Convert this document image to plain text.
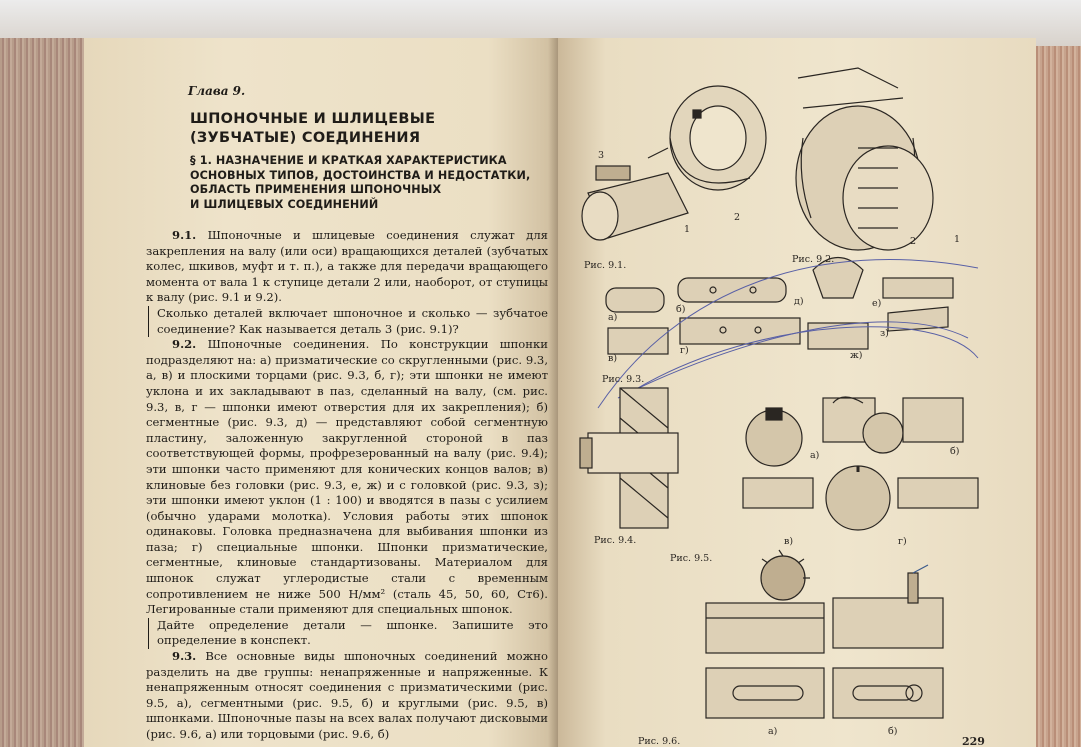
Глава 9.

ШПОНОЧНЫЕ И ШЛИЦЕВЫЕ
(ЗУБЧАТЫЕ) СОЕДИНЕНИЯ
§ 1. НАЗНАЧЕНИЕ И КРАТКАЯ ХАРАКТЕРИСТИКА
ОСНОВНЫХ ТИПОВ, ДОСТОИНСТВА И НЕДОСТАТКИ,
ОБЛАСТЬ ПРИМЕНЕНИЯ ШПОНОЧНЫХ
И ШЛИЦЕВЫХ СОЕДИНЕНИЙ

9.1. Шпоночные и шлицевые соединения служат для закрепления на валу (или оси) вращающихся деталей (зубчатых колес, шкивов, муфт и т. п.), а также для передачи вращающего момента от вала 1 к ступице детали 2 или, наоборот, от ступицы к валу (рис. 9.1 и 9.2).

Сколько деталей включает шпоночное и сколько — зубчатое соединение? Как называется деталь 3 (рис. 9.1)?

9.2. Шпоночные соединения. По конструкции шпонки подразделяют на: а) призматические со скругленными (рис. 9.3, а, в) и плоскими торцами (рис. 9.3, б, г); эти шпонки не имеют уклона и их закладывают в паз, сделанный на валу, (см. рис. 9.3, в, г — шпонки имеют отверстия для их закрепления); б) сегментные (рис. 9.3, д) — представляют собой сегментную пластину, заложенную закругленной стороной в паз соответствующей формы, профрезерованный на валу (рис. 9.4); эти шпонки часто применяют для конических концов валов; в) клиновые без головки (рис. 9.3, е, ж) и с головкой (рис. 9.3, з); эти шпонки имеют уклон (1 : 100) и вводятся в пазы с усилием (обычно ударами молотка). Условия работы этих шпонок одинаковы. Головка предназначена для выбивания шпонки из паза; г) специальные шпонки. Шпонки призматические, сегментные, клиновые стандартизованы. Материалом для шпонок служат углеродистые стали с временным сопротивлением не ниже 500 Н/мм² (сталь 45, 50, 60, Ст6). Легированные стали применяют для специальных шпонок.

Дайте определение детали — шпонке. Запишите это определение в конспект.

9.3. Все основные виды шпоночных соединений можно разделить на две группы: ненапряженные и напряженные. К ненапряженным относят соединения с призматическими (рис. 9.5, а), сегментными (рис. 9.5, б) и круглыми (рис. 9.5, в) шпонками. Шпоночные пазы на всех валах получают дисковыми (рис. 9.6, а) или торцовыми (рис. 9.6, б)

3
2
1
2	1
Рис. 9.1.
Рис. 9.2.
а)
б)
д)	е)
в)
г)	ж)
з)
Рис. 9.3.
а)	б)
в)	г)
Рис. 9.4.
Рис. 9.5.
а)	б)
Рис. 9.6.	229
